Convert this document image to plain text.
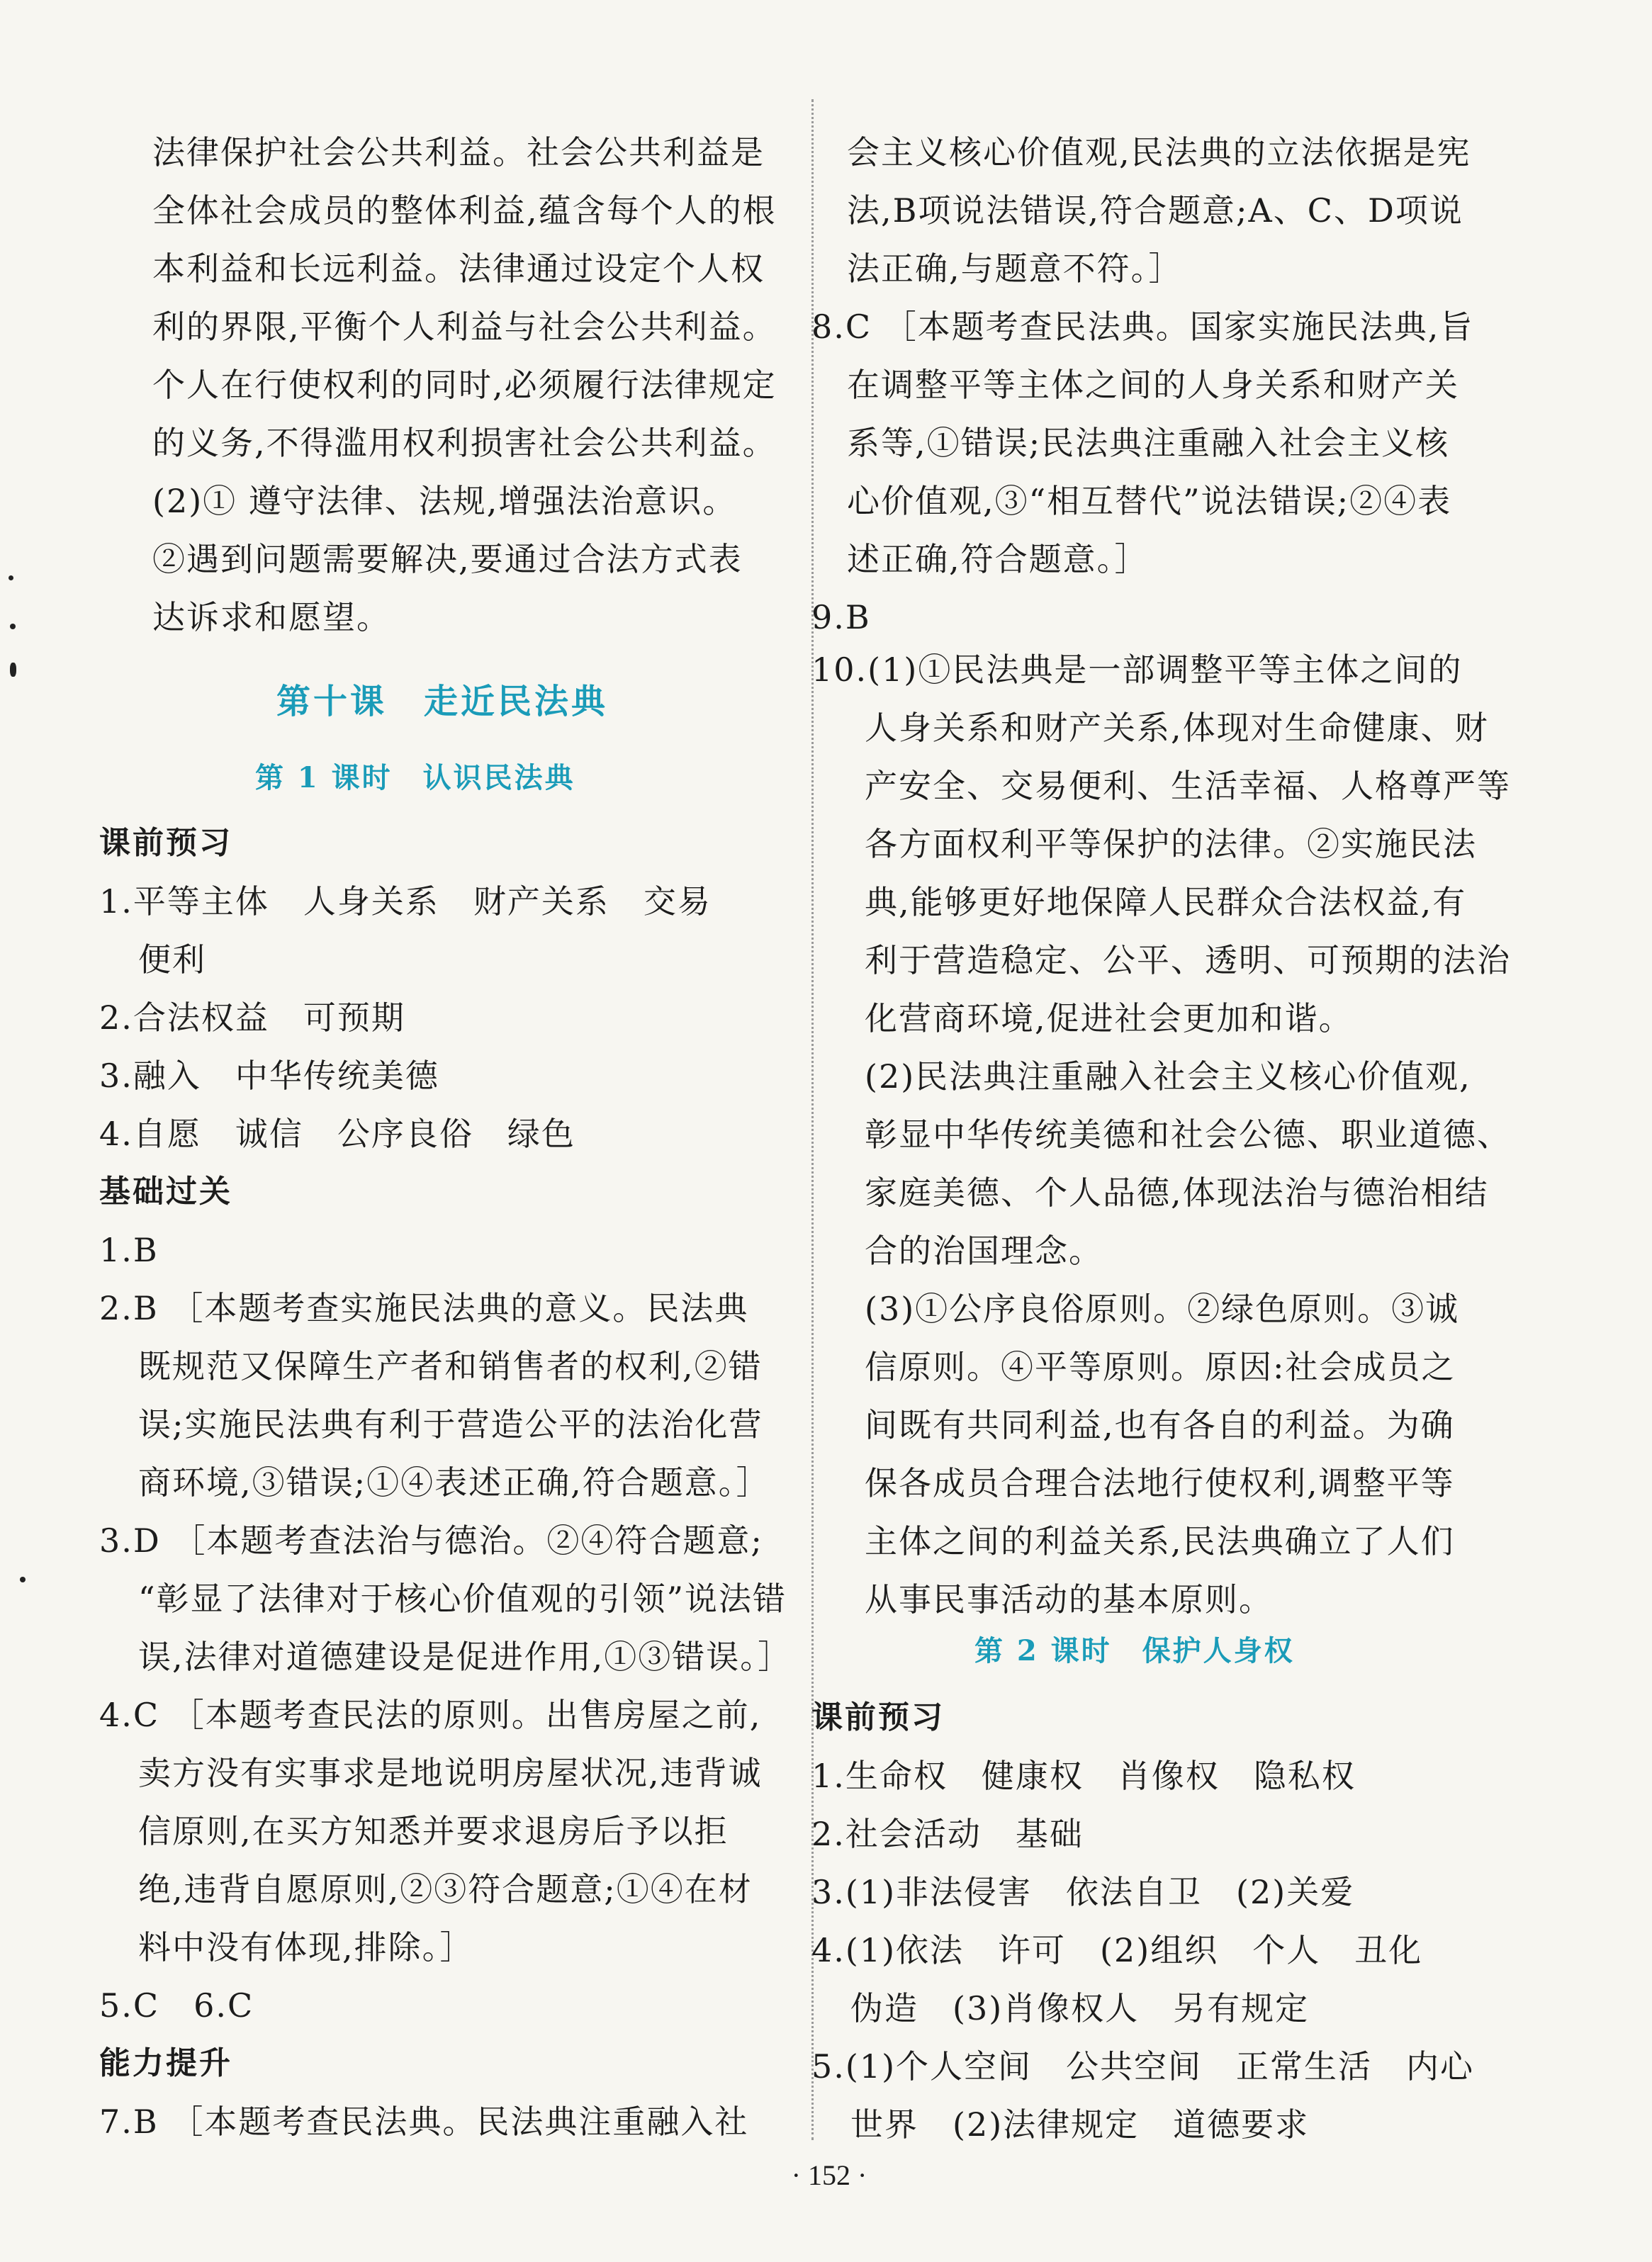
法律保护社会公共利益。社会公共利益是
全体社会成员的整体利益,蕴含每个人的根
本利益和长远利益。法律通过设定个人权
利的界限,平衡个人利益与社会公共利益。
个人在行使权利的同时,必须履行法律规定
的义务,不得滥用权利损害社会公共利益。
(2)① 遵守法律、法规,增强法治意识。
②遇到问题需要解决,要通过合法方式表
达诉求和愿望。
第十课　走近民法典
第 1 课时　认识民法典
课前预习
1.平等主体　人身关系　财产关系　交易
便利
2.合法权益　可预期
3.融入　中华传统美德
4.自愿　诚信　公序良俗　绿色
基础过关
1.B
2.B ［本题考查实施民法典的意义。民法典
既规范又保障生产者和销售者的权利,②错
误;实施民法典有利于营造公平的法治化营
商环境,③错误;①④表述正确,符合题意。］
3.D ［本题考查法治与德治。②④符合题意;
“彰显了法律对于核心价值观的引领”说法错
误,法律对道德建设是促进作用,①③错误。］
4.C ［本题考查民法的原则。出售房屋之前,
卖方没有实事求是地说明房屋状况,违背诚
信原则,在买方知悉并要求退房后予以拒
绝,违背自愿原则,②③符合题意;①④在材
料中没有体现,排除。］
5.C　6.C
能力提升
7.B ［本题考查民法典。民法典注重融入社
会主义核心价值观,民法典的立法依据是宪
法,B项说法错误,符合题意;A、C、D项说
法正确,与题意不符。］
8.C ［本题考查民法典。国家实施民法典,旨
在调整平等主体之间的人身关系和财产关
系等,①错误;民法典注重融入社会主义核
心价值观,③“相互替代”说法错误;②④表
述正确,符合题意。］
9.B
10.(1)①民法典是一部调整平等主体之间的
人身关系和财产关系,体现对生命健康、财
产安全、交易便利、生活幸福、人格尊严等
各方面权利平等保护的法律。②实施民法
典,能够更好地保障人民群众合法权益,有
利于营造稳定、公平、透明、可预期的法治
化营商环境,促进社会更加和谐。
(2)民法典注重融入社会主义核心价值观,
彰显中华传统美德和社会公德、职业道德、
家庭美德、个人品德,体现法治与德治相结
合的治国理念。
(3)①公序良俗原则。②绿色原则。③诚
信原则。④平等原则。原因:社会成员之
间既有共同利益,也有各自的利益。为确
保各成员合理合法地行使权利,调整平等
主体之间的利益关系,民法典确立了人们
从事民事活动的基本原则。
第 2 课时　保护人身权
课前预习
1.生命权　健康权　肖像权　隐私权
2.社会活动　基础
3.(1)非法侵害　依法自卫　(2)关爱
4.(1)依法　许可　(2)组织　个人　丑化
伪造　(3)肖像权人　另有规定
5.(1)个人空间　公共空间　正常生活　内心
世界　(2)法律规定　道德要求
· 152 ·
